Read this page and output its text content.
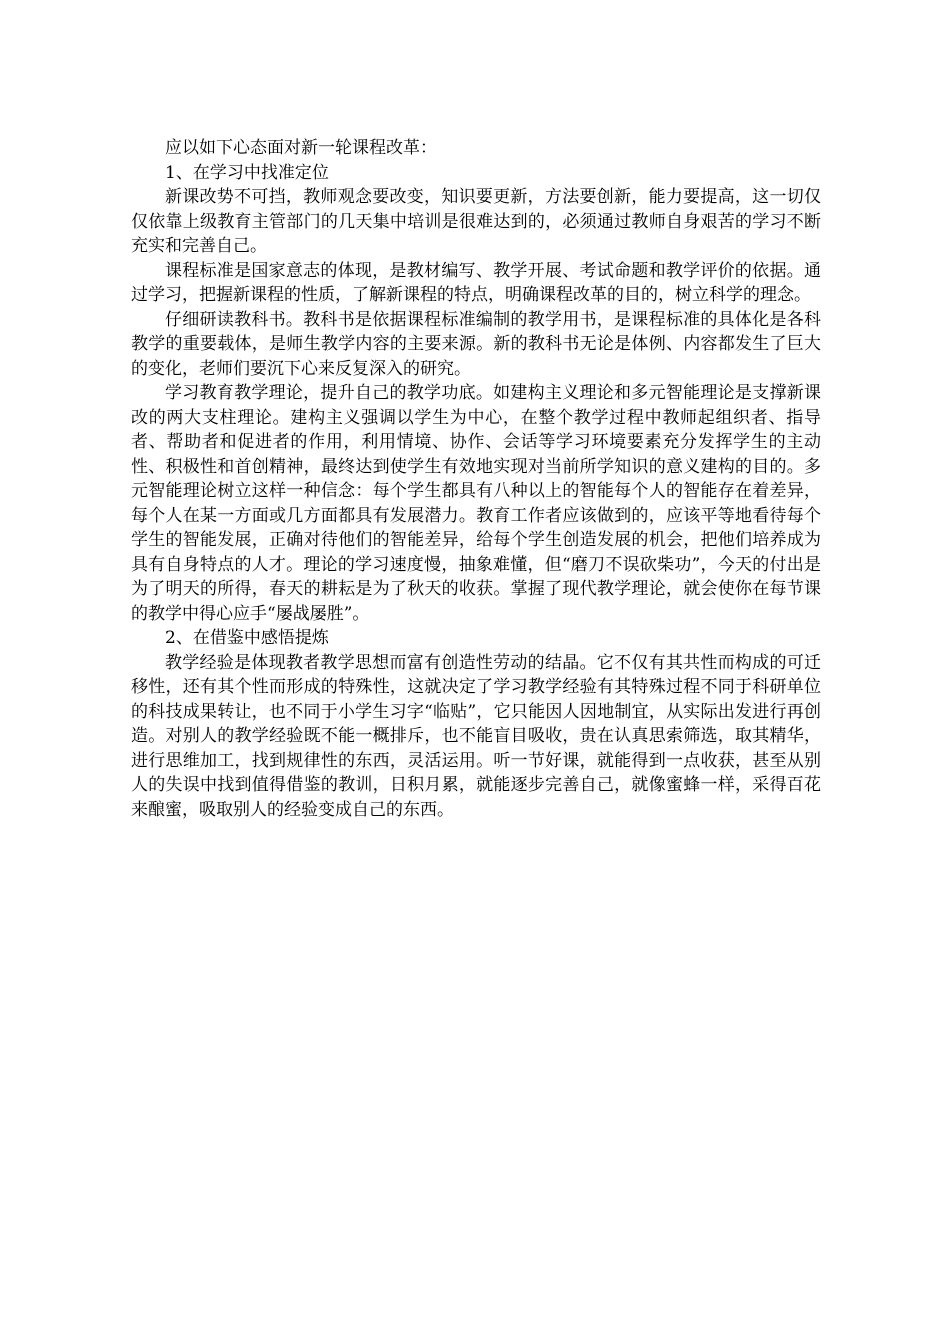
应以如下心态面对新一轮课程改革：

1、在学习中找准定位

新课改势不可挡，教师观念要改变，知识要更新，方法要创新，能力要提高，这一切仅仅依靠上级教育主管部门的几天集中培训是很难达到的，必须通过教师自身艰苦的学习不断充实和完善自己。

课程标准是国家意志的体现，是教材编写、教学开展、考试命题和教学评价的依据。通过学习，把握新课程的性质，了解新课程的特点，明确课程改革的目的，树立科学的理念。

仔细研读教科书。教科书是依据课程标准编制的教学用书，是课程标准的具体化是各科教学的重要载体，是师生教学内容的主要来源。新的教科书无论是体例、内容都发生了巨大的变化，老师们要沉下心来反复深入的研究。

学习教育教学理论，提升自己的教学功底。如建构主义理论和多元智能理论是支撑新课改的两大支柱理论。建构主义强调以学生为中心，在整个教学过程中教师起组织者、指导者、帮助者和促进者的作用，利用情境、协作、会话等学习环境要素充分发挥学生的主动性、积极性和首创精神，最终达到使学生有效地实现对当前所学知识的意义建构的目的。多元智能理论树立这样一种信念：每个学生都具有八种以上的智能每个人的智能存在着差异，每个人在某一方面或几方面都具有发展潜力。教育工作者应该做到的，应该平等地看待每个学生的智能发展，正确对待他们的智能差异，给每个学生创造发展的机会，把他们培养成为具有自身特点的人才。理论的学习速度慢，抽象难懂，但“磨刀不误砍柴功”，今天的付出是为了明天的所得，春天的耕耘是为了秋天的收获。掌握了现代教学理论，就会使你在每节课的教学中得心应手“屡战屡胜”。

2、在借鉴中感悟提炼

教学经验是体现教者教学思想而富有创造性劳动的结晶。它不仅有其共性而构成的可迁移性，还有其个性而形成的特殊性，这就决定了学习教学经验有其特殊过程不同于科研单位的科技成果转让，也不同于小学生习字“临贴”，它只能因人因地制宜，从实际出发进行再创造。对别人的教学经验既不能一概排斥，也不能盲目吸收，贵在认真思索筛选，取其精华，进行思维加工，找到规律性的东西，灵活运用。听一节好课，就能得到一点收获，甚至从别人的失误中找到值得借鉴的教训，日积月累，就能逐步完善自己，就像蜜蜂一样，采得百花来酿蜜，吸取别人的经验变成自己的东西。
